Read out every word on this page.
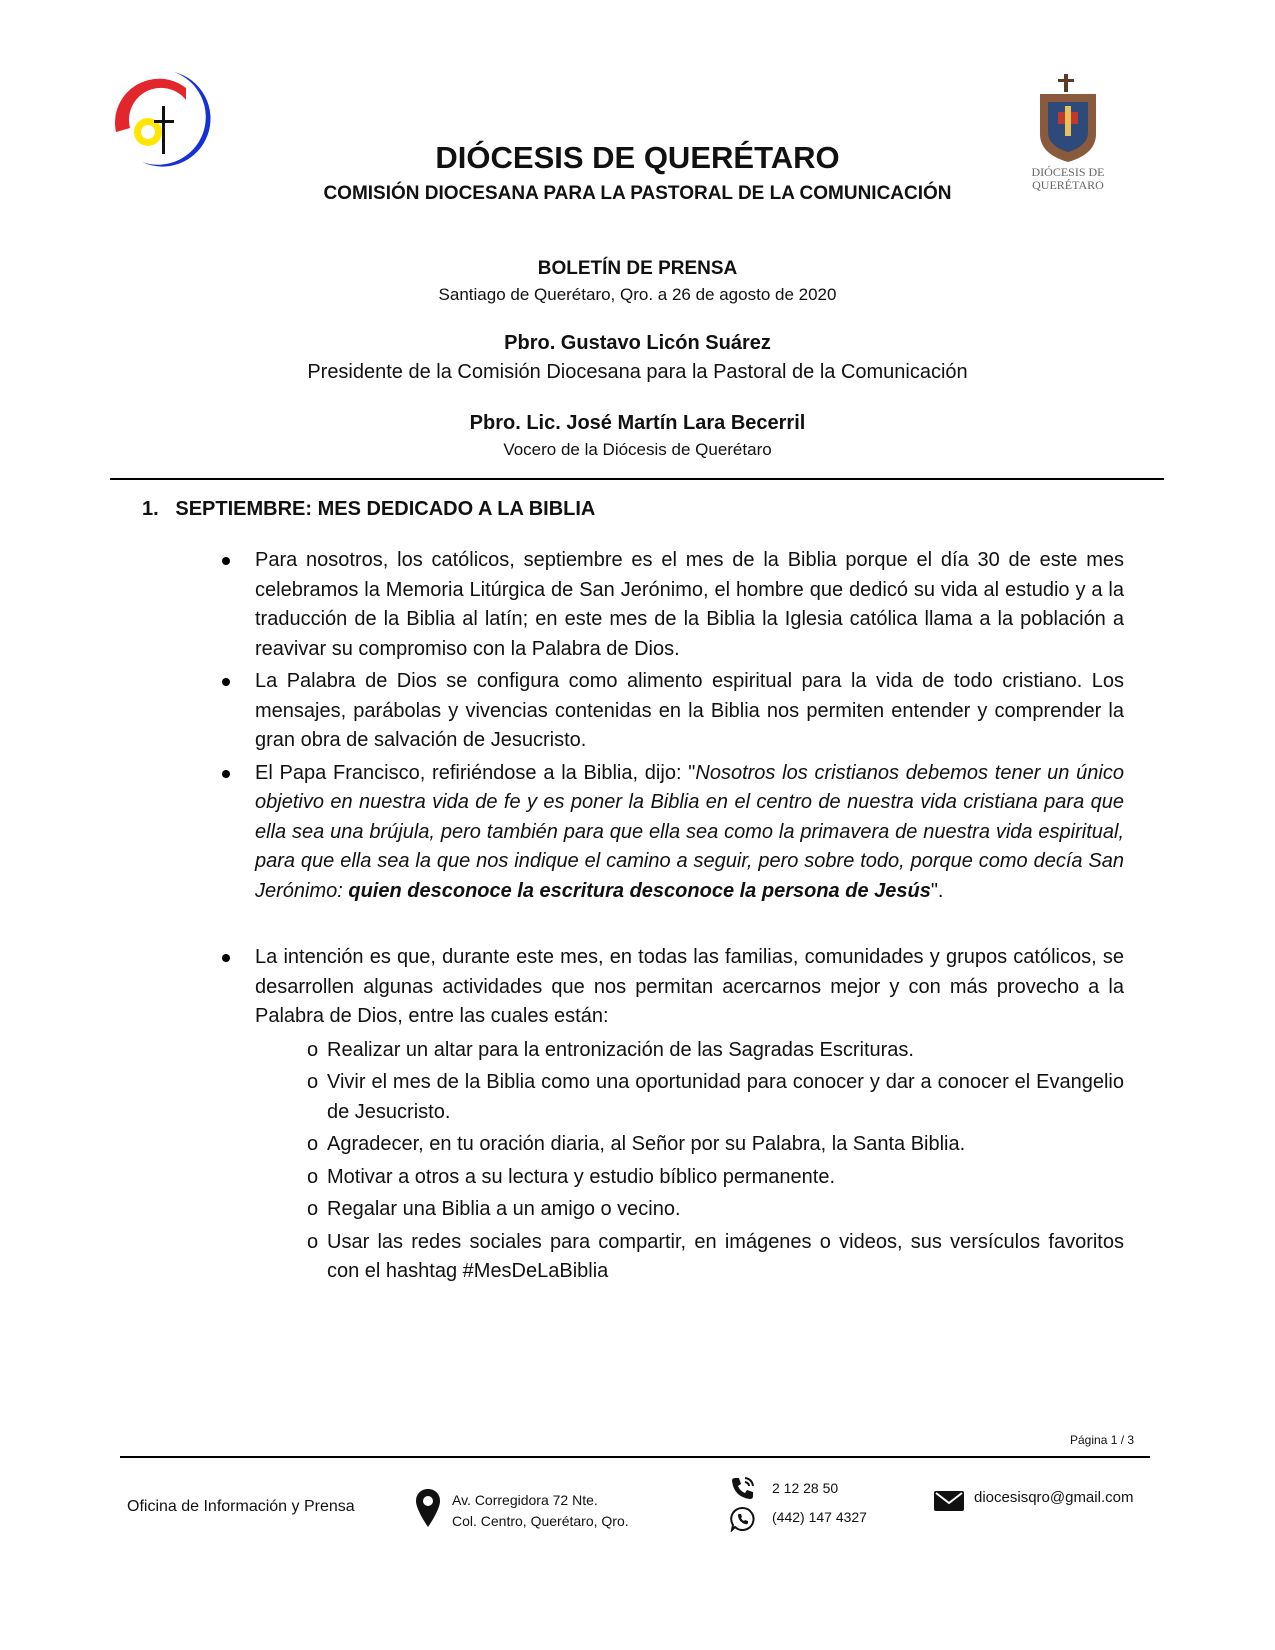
DIÓCESIS DE
QUERÉTARO
DIÓCESIS DE QUERÉTARO
COMISIÓN DIOCESANA PARA LA PASTORAL DE LA COMUNICACIÓN
BOLETÍN DE PRENSA
Santiago de Querétaro, Qro. a 26 de agosto de 2020
Pbro. Gustavo Licón Suárez
Presidente de la Comisión Diocesana para la Pastoral de la Comunicación
Pbro. Lic. José Martín Lara Becerril
Vocero de la Diócesis de Querétaro
1.   SEPTIEMBRE: MES DEDICADO A LA BIBLIA
Para nosotros, los católicos, septiembre es el mes de la Biblia porque el día 30 de este mes celebramos la Memoria Litúrgica de San Jerónimo, el hombre que dedicó su vida al estudio y a la traducción de la Biblia al latín; en este mes de la Biblia la Iglesia católica llama a la población a reavivar su compromiso con la Palabra de Dios.
La Palabra de Dios se configura como alimento espiritual para la vida de todo cristiano. Los mensajes, parábolas y vivencias contenidas en la Biblia nos permiten entender y comprender la gran obra de salvación de Jesucristo.
El Papa Francisco, refiriéndose a la Biblia, dijo: "Nosotros los cristianos debemos tener un único objetivo en nuestra vida de fe y es poner la Biblia en el centro de nuestra vida cristiana para que ella sea una brújula, pero también para que ella sea como la primavera de nuestra vida espiritual, para que ella sea la que nos indique el camino a seguir, pero sobre todo, porque como decía San Jerónimo: quien desconoce la escritura desconoce la persona de Jesús".
La intención es que, durante este mes, en todas las familias, comunidades y grupos católicos, se desarrollen algunas actividades que nos permitan acercarnos mejor y con más provecho a la Palabra de Dios, entre las cuales están:
o Realizar un altar para la entronización de las Sagradas Escrituras.
o Vivir el mes de la Biblia como una oportunidad para conocer y dar a conocer el Evangelio de Jesucristo.
o Agradecer, en tu oración diaria, al Señor por su Palabra, la Santa Biblia.
o Motivar a otros a su lectura y estudio bíblico permanente.
o Regalar una Biblia a un amigo o vecino.
o Usar las redes sociales para compartir, en imágenes o videos, sus versículos favoritos con el hashtag #MesDeLaBiblia
Página 1 / 3
Oficina de Información y Prensa	Av. Corregidora 72 Nte.
Col. Centro, Querétaro, Qro.
2 12 28 50
(442) 147 4327
diocesisqro@gmail.com
